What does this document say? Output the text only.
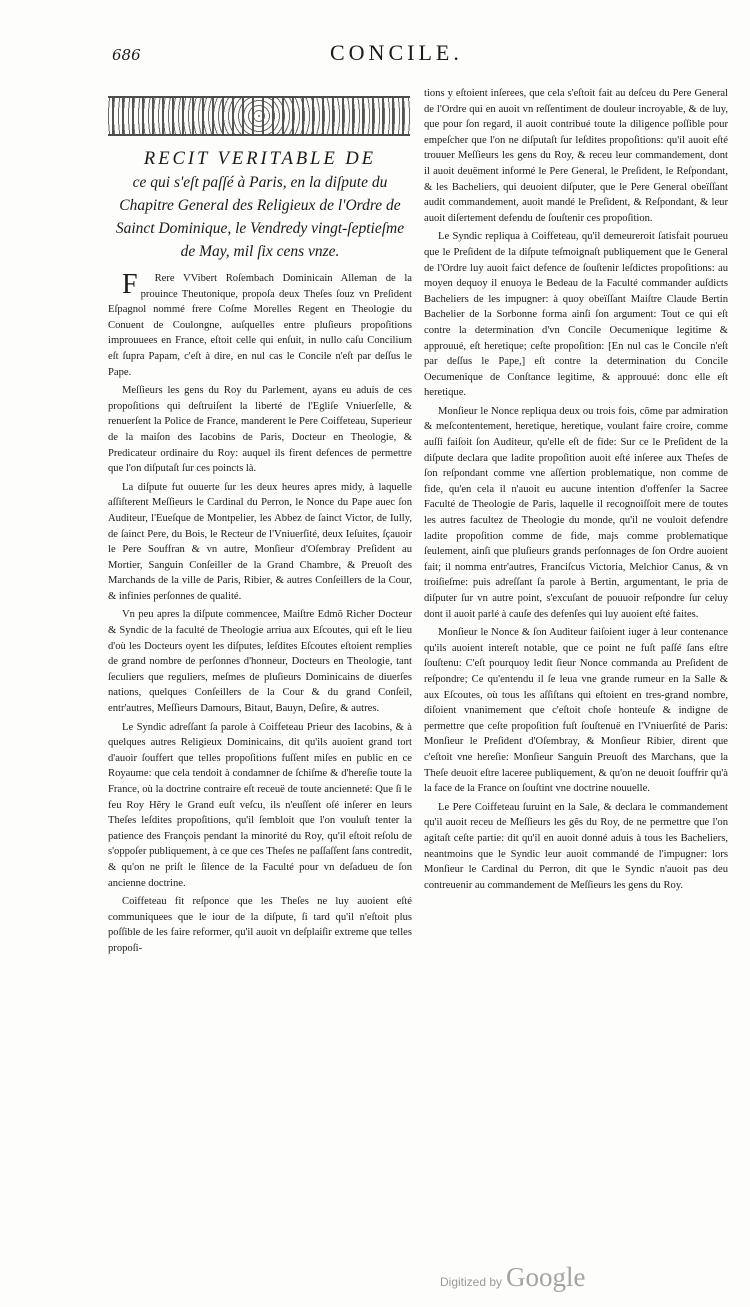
686	CONCILE.
RECIT VERITABLE DE
ce qui s'eſt paſſé à Paris, en la diſpute du Chapitre General des Religieux de l'Ordre de Sainct Dominique, le Vendredy vingt-ſeptieſme de May, mil ſix cens vnze.

FRere VVibert Roſembach Dominicain Alleman de la prouince Theutonique, propoſa deux Theſes ſouz vn Preſident Eſpagnol nommé frere Coſme Morelles Regent en Theologie du Conuent de Coulongne, auſquelles entre pluſieurs propoſitions improuuees en France, eſtoit celle qui enſuit, in nullo caſu Concilium eſt ſupra Papam, c'eſt à dire, en nul cas le Concile n'eſt par deſſus le Pape.

Meſſieurs les gens du Roy du Parlement, ayans eu aduis de ces propoſitions qui deſtruiſent la liberté de l'Egliſe Vniuerſelle, & renuerſent la Police de France, manderent le Pere Coiffeteau, Superieur de la maiſon des Iacobins de Paris, Docteur en Theologie, & Predicateur ordinaire du Roy: auquel ils firent defences de permettre que l'on diſputaſt ſur ces poincts là.

La diſpute fut ouuerte ſur les deux heures apres midy, à laquelle aſſiſterent Meſſieurs le Cardinal du Perron, le Nonce du Pape auec ſon Auditeur, l'Eueſque de Montpelier, les Abbez de ſainct Victor, de Iully, de ſainct Pere, du Bois, le Recteur de l'Vniuerſité, deux Ieſuites, ſçauoir le Pere Souffran & vn autre, Monſieur d'Oſembray Preſident au Mortier, Sanguin Conſeiller de la Grand Chambre, & Preuoſt des Marchands de la ville de Paris, Ribier, & autres Conſeillers de la Cour, & infinies perſonnes de qualité.

Vn peu apres la diſpute commencee, Maiſtre Edmõ Richer Docteur & Syndic de la faculté de Theologie arriua aux Eſcoutes, qui eſt le lieu d'où les Docteurs oyent les diſputes, leſdites Eſcoutes eſtoient remplies de grand nombre de perſonnes d'honneur, Docteurs en Theologie, tant ſeculiers que reguliers, meſmes de pluſieurs Dominicains de diuerſes nations, quelques Conſeillers de la Cour & du grand Conſeil, entr'autres, Meſſieurs Damours, Bitaut, Bauyn, Deſire, & autres.

Le Syndic adreſſant ſa parole à Coiffeteau Prieur des Iacobins, & à quelques autres Religieux Dominicains, dit qu'ils auoient grand tort d'auoir ſouffert que telles propoſitions fuſſent miſes en public en ce Royaume: que cela tendoit à condamner de ſchiſme & d'hereſie toute la France, où la doctrine contraire eſt receuë de toute ancienneté: Que ſi le feu Roy Hẽry le Grand euſt veſcu, ils n'euſſent oſé inſerer en leurs Theſes leſdites propoſitions, qu'il ſembloit que l'on vouluſt tenter la patience des François pendant la minorité du Roy, qu'il eſtoit reſolu de s'oppoſer publiquement, à ce que ces Theſes ne paſſaſſent ſans contredit, & qu'on ne priſt le ſilence de la Faculté pour vn deſadueu de ſon ancienne doctrine.

Coiffeteau fit reſponce que les Theſes ne luy auoient eſté communiquees que le iour de la diſpute, ſi tard qu'il n'eſtoit plus poſſible de les faire reformer, qu'il auoit vn deſplaiſir extreme que telles propoſi-

tions y eſtoient inſerees, que cela s'eſtoit fait au deſceu du Pere General de l'Ordre qui en auoit vn reſſentiment de douleur incroyable, & de luy, que pour ſon regard, il auoit contribué toute la diligence poſſible pour empeſcher que l'on ne diſputaſt ſur leſdites propoſitions: qu'il auoit eſté trouuer Meſſieurs les gens du Roy, & receu leur commandement, dont il auoit deuëment informé le Pere General, le Preſident, le Reſpondant, & les Bacheliers, qui deuoient diſputer, que le Pere General obeïſſant audit commandement, auoit mandé le Preſident, & Reſpondant, & leur auoit diſertement defendu de ſouſtenir ces propoſition.

Le Syndic repliqua à Coiffeteau, qu'il demeureroit ſatisfait pourueu que le Preſident de la diſpute teſmoignaſt publiquement que le General de l'Ordre luy auoit faict defence de ſouſtenir leſdictes propoſitions: au moyen dequoy il enuoya le Bedeau de la Faculté commander auſdicts Bacheliers de les impugner: à quoy obeïſſant Maiſtre Claude Bertin Bachelier de la Sorbonne forma ainſi ſon argument: Tout ce qui eſt contre la determination d'vn Concile Oecumenique legitime & approuué, eſt heretique; ceſte propoſition: [En nul cas le Concile n'eſt par deſſus le Pape,] eſt contre la determination du Concile Oecumenique de Conſtance legitime, & approuué: donc elle eſt heretique.

Monſieur le Nonce repliqua deux ou trois fois, cõme par admiration & meſcontentement, heretique, heretique, voulant faire croire, comme auſſi faiſoit ſon Auditeur, qu'elle eſt de fide: Sur ce le Preſident de la diſpute declara que ladite propoſition auoit eſté inſeree aux Theſes de ſon reſpondant comme vne aſſertion problematique, non comme de fide, qu'en cela il n'auoit eu aucune intention d'offenſer la Sacree Faculté de Theologie de Paris, laquelle il recognoiſſoit mere de toutes les autres facultez de Theologie du monde, qu'il ne vouloit defendre ladite propoſition comme de fide, majs comme problematique ſeulement, ainſi que pluſieurs grands perſonnages de ſon Ordre auoient fait; il nomma entr'autres, Franciſcus Victoria, Melchior Canus, & vn troiſieſme: puis adreſſant ſa parole à Bertin, argumentant, le pria de diſputer ſur vn autre point, s'excuſant de pouuoir reſpondre ſur celuy dont il auoit parlé à cauſe des defenſes qui luy auoient eſté faites.

Monſieur le Nonce & ſon Auditeur faiſoient iuger à leur contenance qu'ils auoient intereſt notable, que ce point ne fuſt paſſé ſans eſtre ſouſtenu: C'eſt pourquoy ledit ſieur Nonce commanda au Preſident de reſpondre; Ce qu'entendu il ſe leua vne grande rumeur en la Salle & aux Eſcoutes, où tous les aſſiſtans qui eſtoient en tres-grand nombre, diſoient vnanimement que c'eſtoit choſe honteuſe & indigne de permettre que ceſte propoſition fuſt ſouſtenuë en l'Vniuerſité de Paris: Monſieur le Preſident d'Oſembray, & Monſieur Ribier, dirent que c'eſtoit vne hereſie: Monſieur Sanguin Preuoſt des Marchans, que la Theſe deuoit eſtre laceree publiquement, & qu'on ne deuoit ſouffrir qu'à la face de la France on ſouſtint vne doctrine nouuelle.

Le Pere Coiffeteau ſuruint en la Sale, & declara le commandement qu'il auoit receu de Meſſieurs les gẽs du Roy, de ne permettre que l'on agitaſt ceſte partie: dit qu'il en auoit donné aduis à tous les Bacheliers, neantmoins que le Syndic leur auoit commandé de l'impugner: lors Monſieur le Cardinal du Perron, dit que le Syndic n'auoit pas deu contreuenir au commandement de Meſſieurs les gens du Roy.

Digitized by Google
